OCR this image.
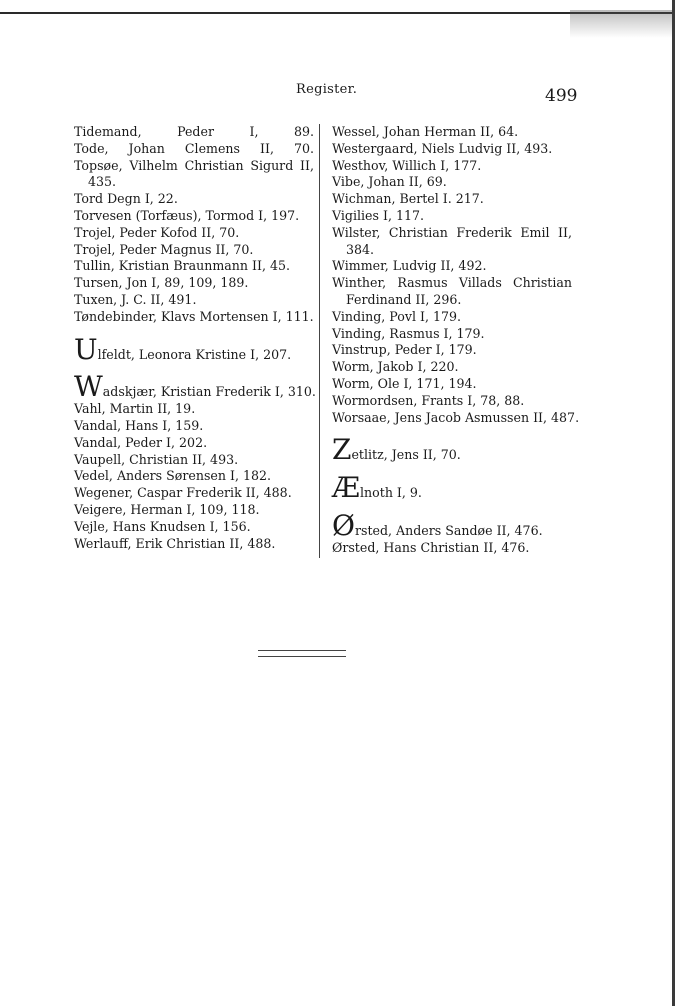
Register.	499
Tidemand, Peder I, 89.
Tode, Johan Clemens II, 70.
Topsøe, Vilhelm Christian Sigurd II,
435.
Tord Degn I, 22.
Torvesen (Torfæus), Tormod I, 197.
Trojel, Peder Kofod II, 70.
Trojel, Peder Magnus II, 70.
Tullin, Kristian Braunmann II, 45.
Tursen, Jon I, 89, 109, 189.
Tuxen, J. C. II, 491.
Tøndebinder, Klavs Mortensen I, 111.
Ulfeldt, Leonora Kristine I, 207.
Wadskjær, Kristian Frederik I, 310.
Vahl, Martin II, 19.
Vandal, Hans I, 159.
Vandal, Peder I, 202.
Vaupell, Christian II, 493.
Vedel, Anders Sørensen I, 182.
Wegener, Caspar Frederik II, 488.
Veigere, Herman I, 109, 118.
Vejle, Hans Knudsen I, 156.
Werlauff, Erik Christian II, 488.
Wessel, Johan Herman II, 64.
Westergaard, Niels Ludvig II, 493.
Westhov, Willich I, 177.
Vibe, Johan II, 69.
Wichman, Bertel I. 217.
Vigilies I, 117.
Wilster, Christian Frederik Emil II,
384.
Wimmer, Ludvig II, 492.
Winther, Rasmus Villads Christian
Ferdinand II, 296.
Vinding, Povl I, 179.
Vinding, Rasmus I, 179.
Vinstrup, Peder I, 179.
Worm, Jakob I, 220.
Worm, Ole I, 171, 194.
Wormordsen, Frants I, 78, 88.
Worsaae, Jens Jacob Asmussen II, 487.
Zetlitz, Jens II, 70.
Ælnoth I, 9.
Ørsted, Anders Sandøe II, 476.
Ørsted, Hans Christian II, 476.
